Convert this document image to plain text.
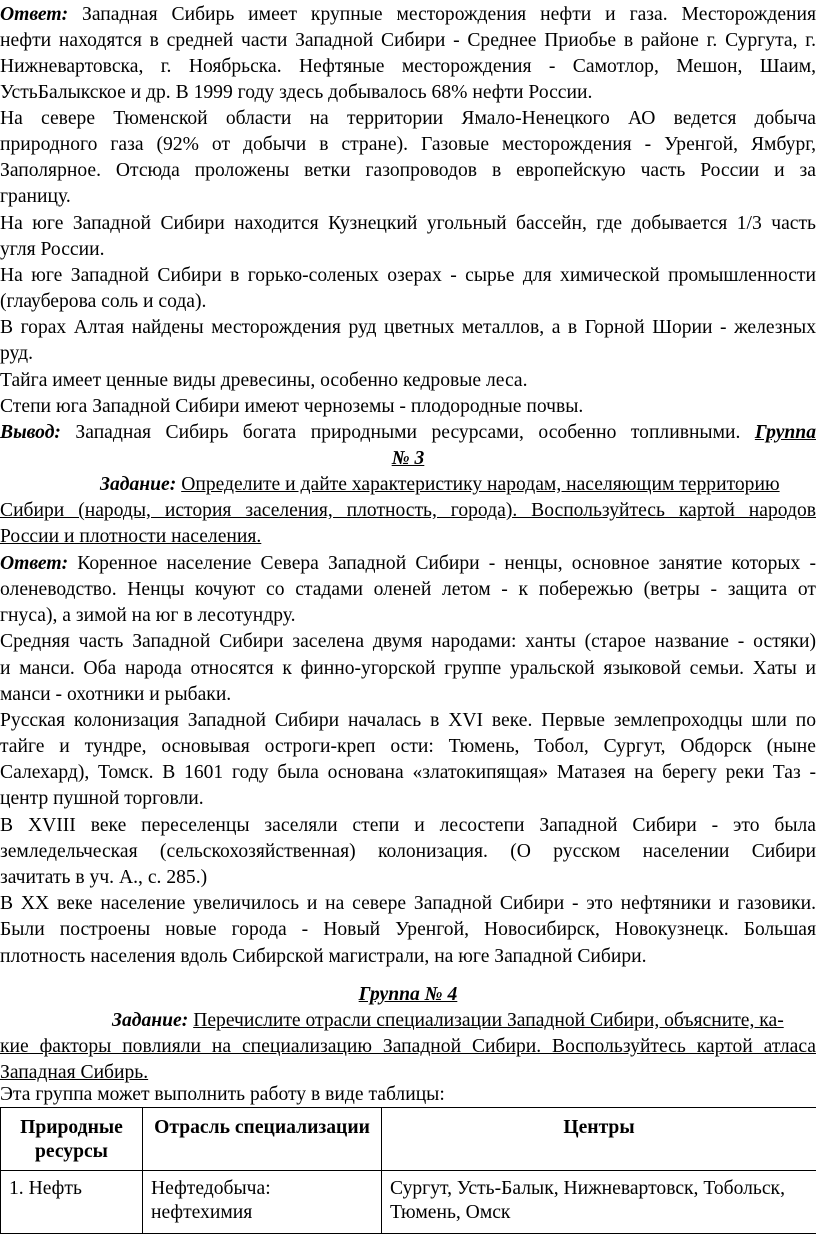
Ответ: Западная Сибирь имеет крупные месторождения нефти и газа. Месторождения
нефти находятся в средней части Западной Сибири - Среднее Приобье в районе г. Сургута, г.
Нижневартовска, г. Ноябрьска. Нефтяные месторождения - Самотлор, Мешон, Шаим,
УстьБалыкское и др. В 1999 году здесь добывалось 68% нефти России.
На севере Тюменской области на территории Ямало-Ненецкого АО ведется добыча
природного газа (92% от добычи в стране). Газовые месторождения - Уренгой, Ямбург,
Заполярное. Отсюда проложены ветки газопроводов в европейскую часть России и за
границу.
На юге Западной Сибири находится Кузнецкий угольный бассейн, где добывается 1/3 часть
угля России.
На юге Западной Сибири в горько-соленых озерах - сырье для химической промышленности
(глауберова соль и сода).
В горах Алтая найдены месторождения руд цветных металлов, а в Горной Шории - железных
руд.
Тайга имеет ценные виды древесины, особенно кедровые леса.
Степи юга Западной Сибири имеют черноземы - плодородные почвы.
Вывод: Западная Сибирь богата природными ресурсами, особенно топливными. Группа
№ 3
Задание: Определите и дайте характеристику народам, населяющим территорию
Сибири (народы, история заселения, плотность, города). Воспользуйтесь картой народов
России и плотности населения.
Ответ: Коренное население Севера Западной Сибири - ненцы, основное занятие которых -
оленеводство. Ненцы кочуют со стадами оленей летом - к побережью (ветры - защита от
гнуса), а зимой на юг в лесотундру.
Средняя часть Западной Сибири заселена двумя народами: ханты (старое название - остяки)
и манси. Оба народа относятся к финно-угорской группе уральской языковой семьи. Хаты и
манси - охотники и рыбаки.
Русская колонизация Западной Сибири началась в XVI веке. Первые землепроходцы шли по
тайге и тундре, основывая остроги-креп ости: Тюмень, Тобол, Сургут, Обдорск (ныне
Салехард), Томск. В 1601 году была основана «златокипящая» Матазея на берегу реки Таз -
центр пушной торговли.
В XVIII веке переселенцы заселяли степи и лесостепи Западной Сибири - это была
земледельческая (сельскохозяйственная) колонизация. (О русском населении Сибири
зачитать в уч. А., с. 285.)
В XX веке население увеличилось и на севере Западной Сибири - это нефтяники и газовики.
Были построены новые города - Новый Уренгой, Новосибирск, Новокузнецк. Большая
плотность населения вдоль Сибирской магистрали, на юге Западной Сибири.
Группа № 4
Задание: Перечислите отрасли специализации Западной Сибири, объясните, ка-
кие факторы повлияли на специализацию Западной Сибири. Воспользуйтесь картой атласа
Западная Сибирь.
Эта группа может выполнить работу в виде таблицы:
Природные ресурсы	Отрасль специализации	Центры
1. Нефть	Нефтедобыча: нефтехимия	Сургут, Усть-Балык, Нижневартовск, Тобольск, Тюмень, Омск
